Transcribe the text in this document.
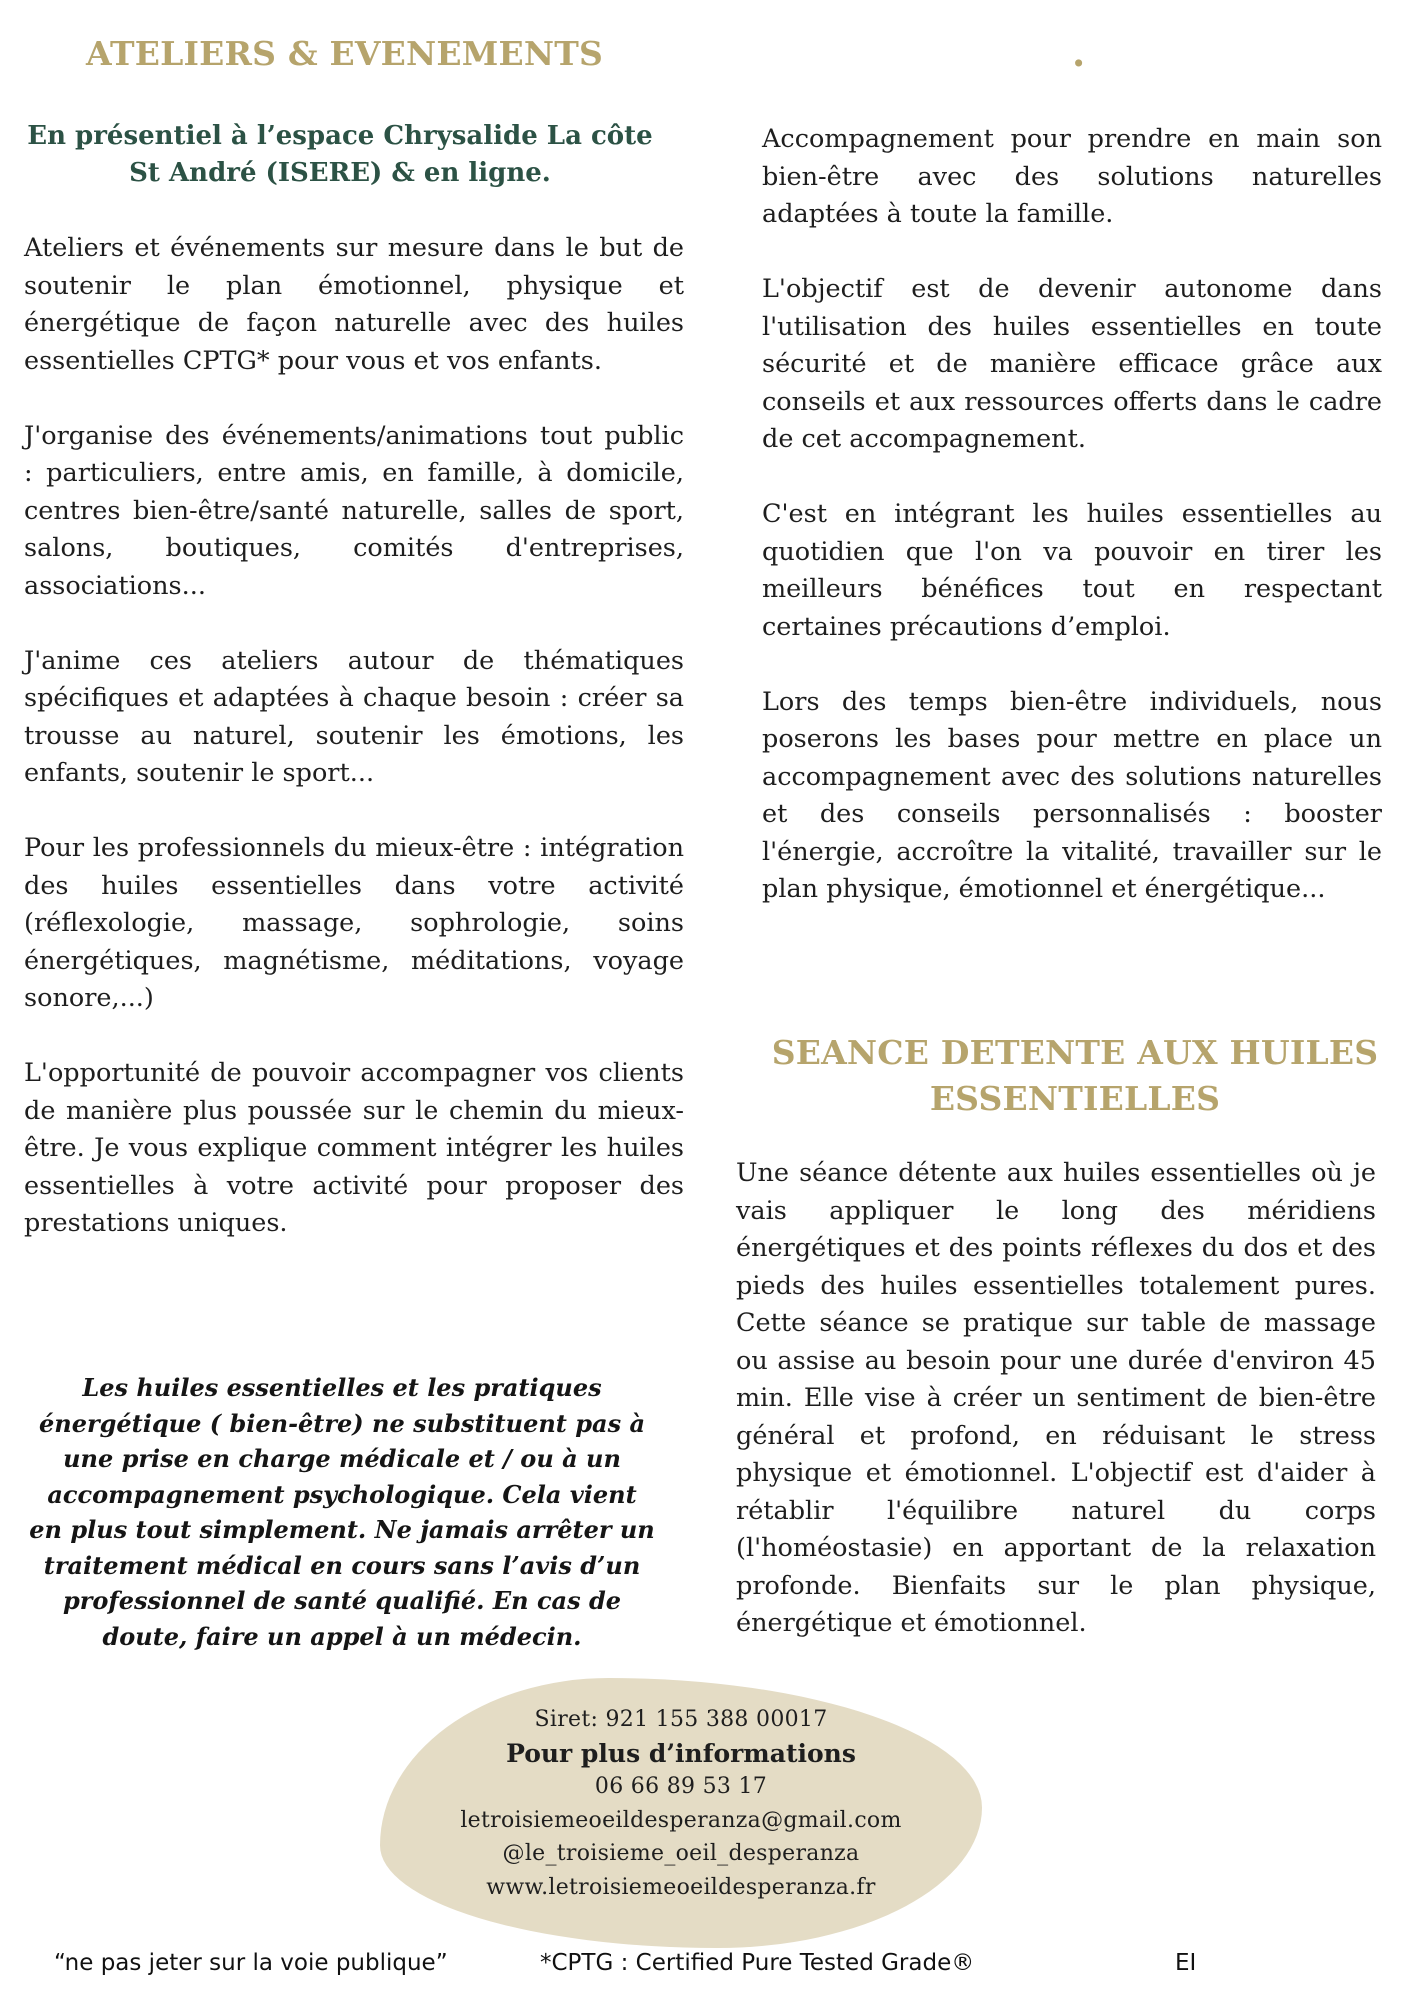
ATELIERS & EVENEMENTS	.
En présentiel à l’espace Chrysalide La côte
St André (ISERE) & en ligne.

Ateliers et événements sur mesure dans le but de soutenir le plan émotionnel, physique et énergétique de façon naturelle avec des huiles essentielles CPTG* pour vous et vos enfants.

J'organise des événements/animations tout public : particuliers, entre amis, en famille, à domicile, centres bien-être/santé naturelle, salles de sport, salons, boutiques, comités d'entreprises, associations...

J'anime ces ateliers autour de thématiques spécifiques et adaptées à chaque besoin : créer sa trousse au naturel, soutenir les émotions, les enfants, soutenir le sport...

Pour les professionnels du mieux-être : intégration des huiles essentielles dans votre activité (réflexologie, massage, sophrologie, soins énergétiques, magnétisme, méditations, voyage sonore,...)

L'opportunité de pouvoir accompagner vos clients de manière plus poussée sur le chemin du mieux-être. Je vous explique comment intégrer les huiles essentielles à votre activité pour proposer des prestations uniques.

Accompagnement pour prendre en main son bien-être avec des solutions naturelles adaptées à toute la famille.

L'objectif est de devenir autonome dans l'utilisation des huiles essentielles en toute sécurité et de manière efficace grâce aux conseils et aux ressources offerts dans le cadre de cet accompagnement.

C'est en intégrant les huiles essentielles au quotidien que l'on va pouvoir en tirer les meilleurs bénéfices tout en respectant certaines précautions d’emploi.

Lors des temps bien-être individuels, nous poserons les bases pour mettre en place un accompagnement avec des solutions naturelles et des conseils personnalisés : booster l'énergie, accroître la vitalité, travailler sur le plan physique, émotionnel et énergétique...

SEANCE DETENTE AUX HUILES
ESSENTIELLES

Une séance détente aux huiles essentielles où je vais appliquer le long des méridiens énergétiques et des points réflexes du dos et des pieds des huiles essentielles totalement pures. Cette séance se pratique sur table de massage ou assise au besoin pour une durée d'environ 45 min. Elle vise à créer un sentiment de bien-être général et profond, en réduisant le stress physique et émotionnel. L'objectif est d'aider à rétablir l'équilibre naturel du corps (l'homéostasie) en apportant de la relaxation profonde. Bienfaits sur le plan physique, énergétique et émotionnel.

Les huiles essentielles et les pratiques énergétique ( bien-être) ne substituent pas à une prise en charge médicale et / ou à un accompagnement psychologique. Cela vient en plus tout simplement. Ne jamais arrêter un traitement médical en cours sans l’avis d’un professionnel de santé qualifié. En cas de doute, faire un appel à un médecin.

Siret: 921 155 388 00017
Pour plus d’informations
06 66 89 53 17
letroisiemeoeildesperanza@gmail.com
@le_troisieme_oeil_desperanza
www.letroisiemeoeildesperanza.fr

“ne pas jeter sur la voie publique”	*CPTG : Certified Pure Tested Grade®	EI
